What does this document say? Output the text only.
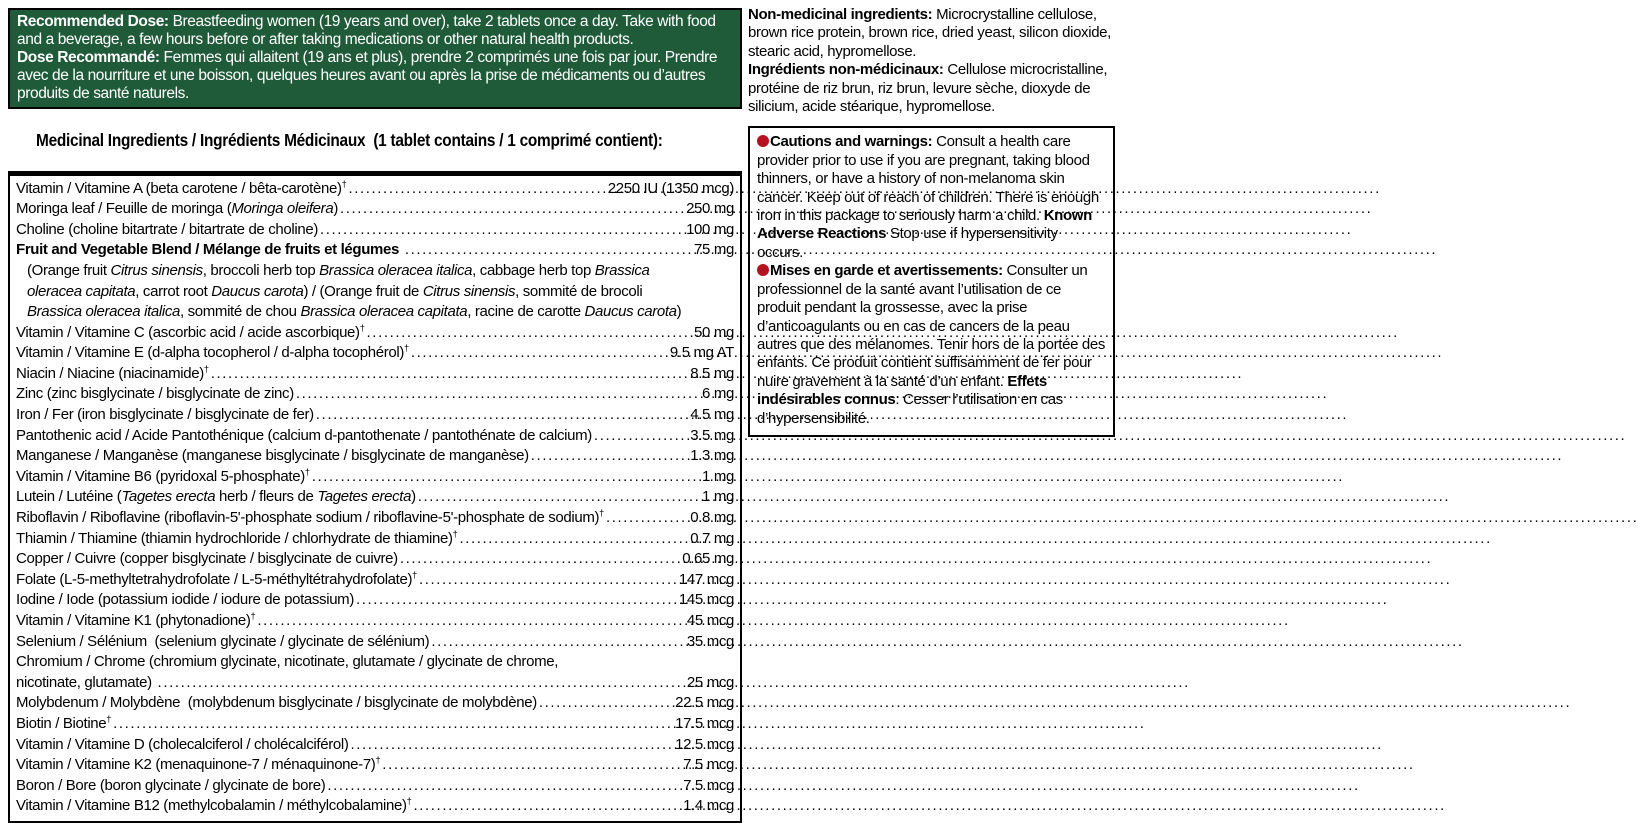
Recommended Dose: Breastfeeding women (19 years and over), take 2 tablets once a day. Take with food and a beverage, a few hours before or after taking medications or other natural health products.

Dose Recommandé: Femmes qui allaitent (19 ans et plus), prendre 2 comprimés une fois par jour. Prendre avec de la nourriture et une boisson, quelques heures avant ou après la prise de médicaments ou d’autres produits de santé naturels.

Medicinal Ingredients / Ingrédients Médicinaux  (1 tablet contains / 1 comprimé contient):

Vitamin / Vitamine A (beta carotene / bêta-carotène)† .....	2250 IU (1350 mcg)
Moringa leaf / Feuille de moringa (Moringa oleifera) .....	250 mg
Choline (choline bitartrate / bitartrate de choline) .....	100 mg
Fruit and Vegetable Blend / Mélange de fruits et légumes .....	75 mg
(Orange fruit Citrus sinensis, broccoli herb top Brassica oleracea italica, cabbage herb top Brassica
oleracea capitata, carrot root Daucus carota) / (Orange fruit de Citrus sinensis, sommité de brocoli
Brassica oleracea italica, sommité de chou Brassica oleracea capitata, racine de carotte Daucus carota)
Vitamin / Vitamine C (ascorbic acid / acide ascorbique)† .....	50 mg
Vitamin / Vitamine E (d-alpha tocopherol / d-alpha tocophérol)† .....	9.5 mg AT
Niacin / Niacine (niacinamide)† .....	8.5 mg
Zinc (zinc bisglycinate / bisglycinate de zinc) .....	6 mg
Iron / Fer (iron bisglycinate / bisglycinate de fer) .....	4.5 mg
Pantothenic acid / Acide Pantothénique (calcium d-pantothenate / pantothénate de calcium) .....	3.5 mg
Manganese / Manganèse (manganese bisglycinate / bisglycinate de manganèse) .....	1.3 mg
Vitamin / Vitamine B6 (pyridoxal 5-phosphate)† .....	1 mg
Lutein / Lutéine (Tagetes erecta herb / fleurs de Tagetes erecta) .....	1 mg
Riboflavin / Riboflavine (riboflavin-5'-phosphate sodium / riboflavine-5'-phosphate de sodium)† .....	0.8 mg
Thiamin / Thiamine (thiamin hydrochloride / chlorhydrate de thiamine)† .....	0.7 mg
Copper / Cuivre (copper bisglycinate / bisglycinate de cuivre) .....	0.65 mg
Folate (L-5-methyltetrahydrofolate / L-5-méthyltétrahydrofolate)† .....	147 mcg
Iodine / Iode (potassium iodide / iodure de potassium) .....	145 mcg
Vitamin / Vitamine K1 (phytonadione)† .....	45 mcg
Selenium / Sélénium  (selenium glycinate / glycinate de sélénium) .....	35 mcg
Chromium / Chrome (chromium glycinate, nicotinate, glutamate / glycinate de chrome,
nicotinate, glutamate) .....	25 mcg
Molybdenum / Molybdène  (molybdenum bisglycinate / bisglycinate de molybdène) .....	22.5 mcg
Biotin / Biotine† .....	17.5 mcg
Vitamin / Vitamine D (cholecalciferol / cholécalciférol) .....	12.5 mcg
Vitamin / Vitamine K2 (menaquinone-7 / ménaquinone-7)† .....	7.5 mcg
Boron / Bore (boron glycinate / glycinate de bore) .....	7.5 mcg
Vitamin / Vitamine B12 (methylcobalamin / méthylcobalamine)† .....	1.4 mcg

Non-medicinal ingredients: Microcrystalline cellulose, brown rice protein, brown rice, dried yeast, silicon dioxide, stearic acid, hypromellose.

Ingrédients non-médicinaux: Cellulose microcristalline, protéine de riz brun, riz brun, levure sèche, dioxyde de silicium, acide stéarique, hypromellose.

Cautions and warnings: Consult a health care provider prior to use if you are pregnant, taking blood thinners, or have a history of non-melanoma skin cancer. Keep out of reach of children. There is enough iron in this package to seriously harm a child. Known Adverse Reactions Stop use if hypersensitivity occurs.

Mises en garde et avertissements: Consulter un professionnel de la santé avant l’utilisation de ce produit pendant la grossesse, avec la prise d’anticoagulants ou en cas de cancers de la peau autres que des mélanomes. Tenir hors de la portée des enfants. Ce produit contient suffisamment de fer pour nuire gravement à la santé d’un enfant. Effets indésirables connus: Cesser l’utilisation en cas d’hypersensibilité.
